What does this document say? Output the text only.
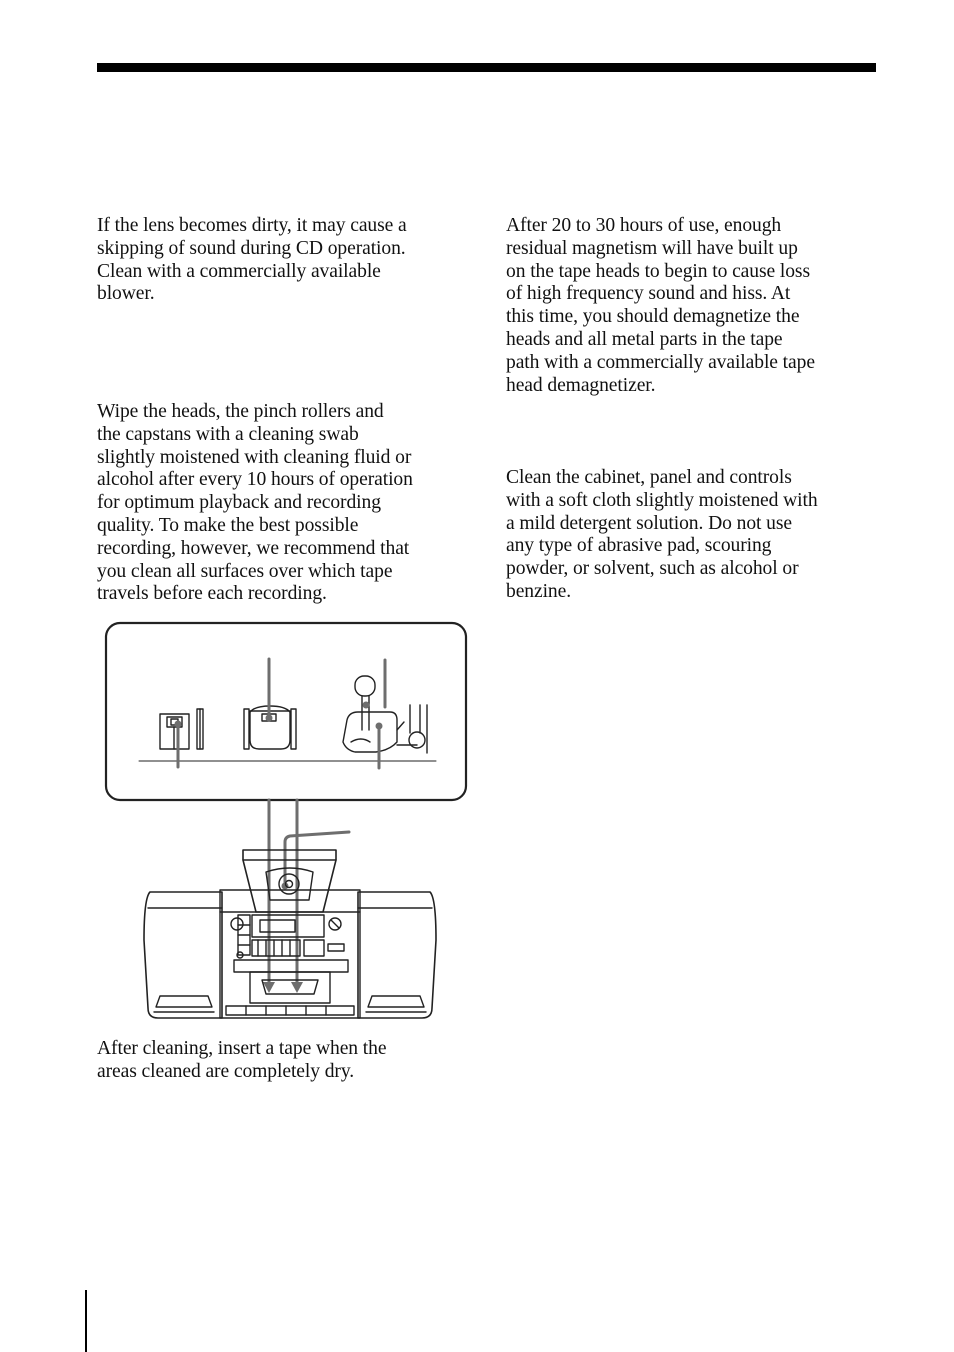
If the lens becomes dirty, it may cause a
skipping of sound during CD operation.
Clean with a commercially available
blower.

Wipe the heads, the pinch rollers and
the capstans with a cleaning swab
slightly moistened with cleaning fluid or
alcohol after every 10 hours of operation
for optimum playback and recording
quality. To make the best possible
recording, however, we recommend that
you clean all surfaces over which tape
travels before each recording.

After cleaning, insert a tape when the
areas cleaned are completely dry.

After 20 to 30 hours of use, enough
residual magnetism will have built up
on the tape heads to begin to cause loss
of high frequency sound and hiss. At
this time, you should demagnetize the
heads and all metal parts in the tape
path with a commercially available tape
head demagnetizer.

Clean the cabinet, panel and controls
with a soft cloth slightly moistened with
a mild detergent solution. Do not use
any type of abrasive pad, scouring
powder, or solvent, such as alcohol or
benzine.
